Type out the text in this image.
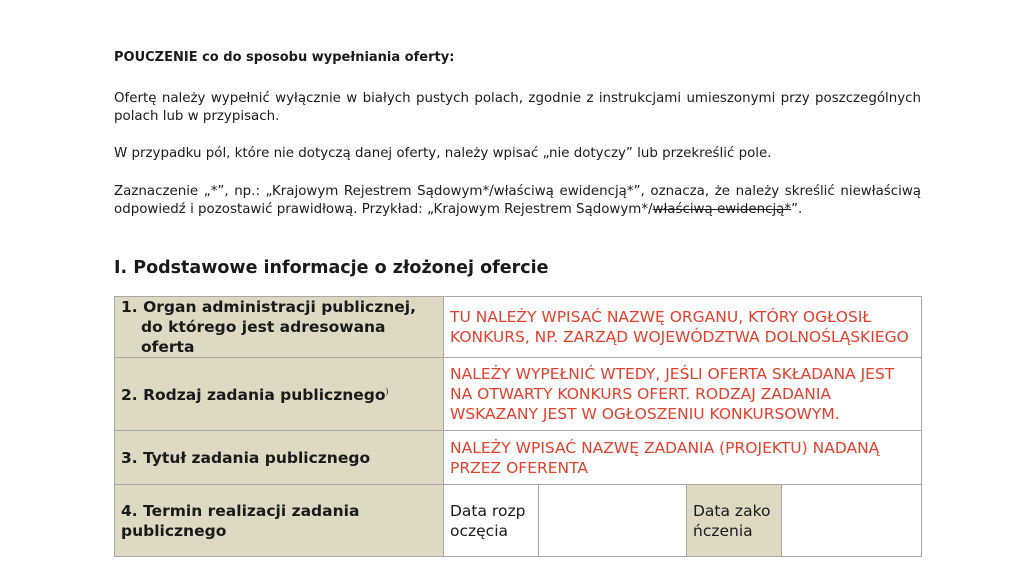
POUCZENIE co do sposobu wypełniania oferty:
Ofertę należy wypełnić wyłącznie w białych pustych polach, zgodnie z instrukcjami umieszonymi przy poszczególnych polach lub w przypisach.
W przypadku pól, które nie dotyczą danej oferty, należy wpisać „nie dotyczy” lub przekreślić pole.
Zaznaczenie „*”, np.: „Krajowym Rejestrem Sądowym*/właściwą ewidencją*”, oznacza, że należy skreślić niewłaściwą odpowiedź i pozostawić prawidłową. Przykład: „Krajowym Rejestrem Sądowym*/właściwą ewidencją*”.
I. Podstawowe informacje o złożonej ofercie
1. Organ administracji publicznej,
do którego jest adresowana oferta	TU NALEŻY WPISAĆ NAZWĘ ORGANU, KTÓRY OGŁOSIŁ KONKURS, NP. ZARZĄD WOJEWÓDZTWA DOLNOŚLĄSKIEGO			
2. Rodzaj zadania publicznego)	NALEŻY WYPEŁNIĆ WTEDY, JEŚLI OFERTA SKŁADANA JEST NA OTWARTY KONKURS OFERT. RODZAJ ZADANIA WSKAZANY JEST W OGŁOSZENIU KONKURSOWYM.			
3. Tytuł zadania publicznego	NALEŻY WPISAĆ NAZWĘ ZADANIA (PROJEKTU) NADANĄ PRZEZ OFERENTA			
4. Termin realizacji zadania publicznego	Data rozpoczęcia		Data zakończenia	
